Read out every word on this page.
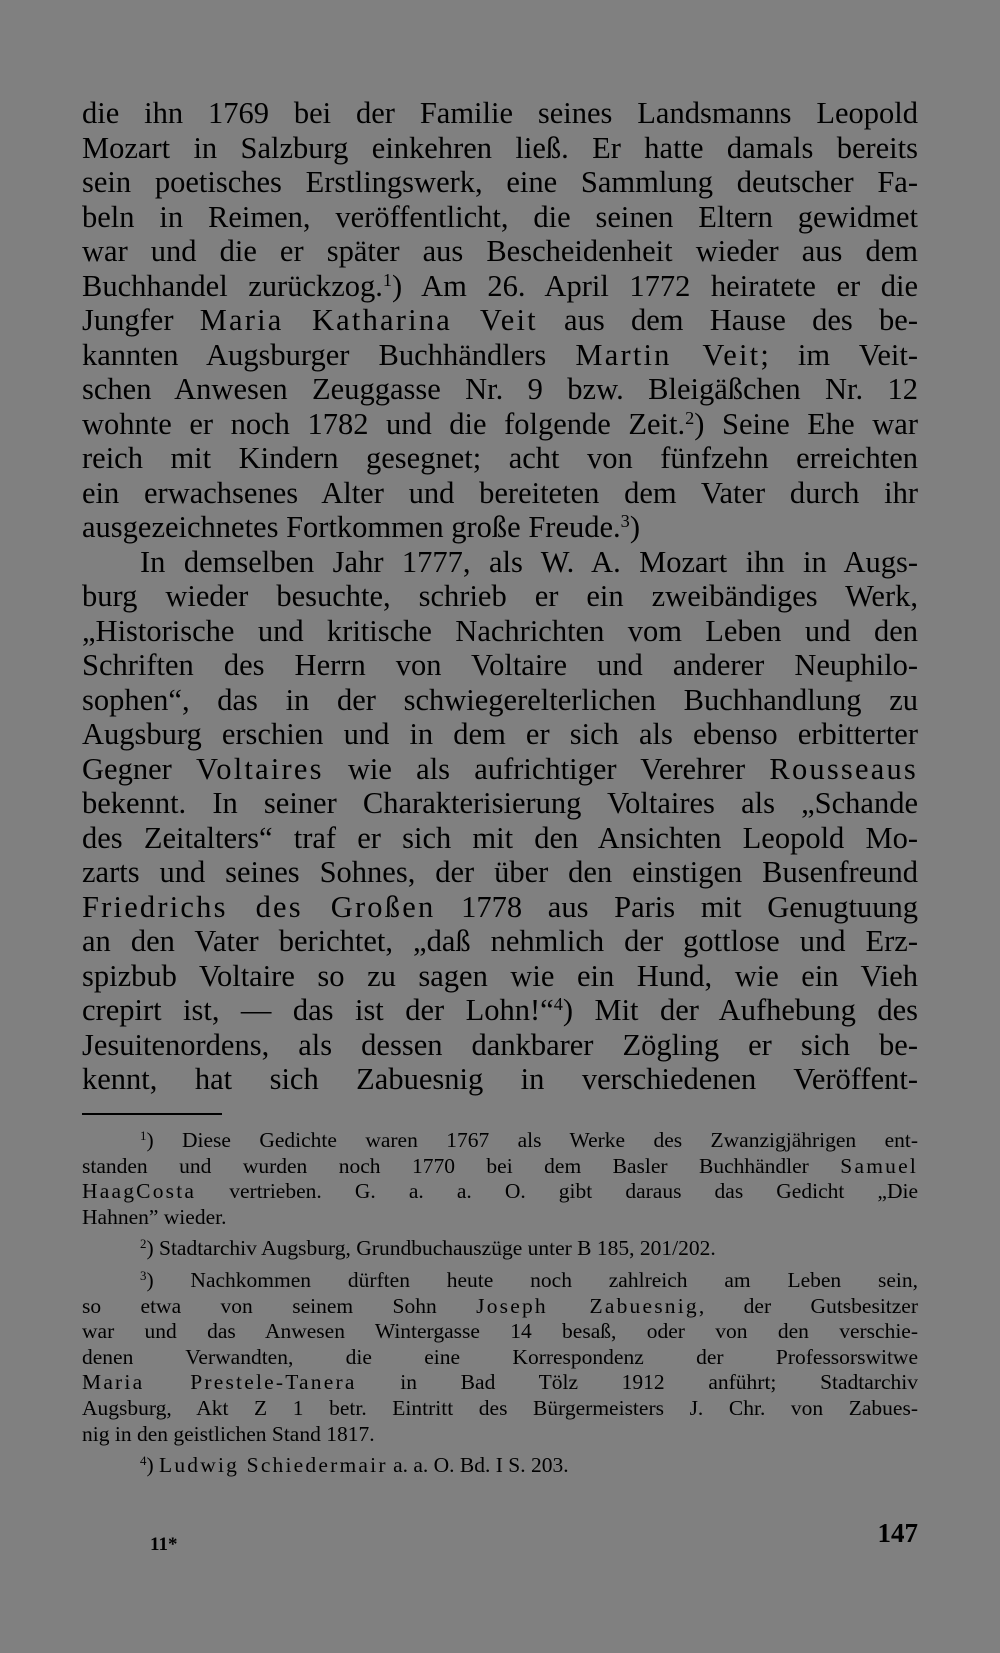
die ihn 1769 bei der Familie seines Landsmanns Leopold
Mozart in Salzburg einkehren ließ. Er hatte damals bereits
sein poetisches Erstlingswerk, eine Sammlung deutscher Fa-
beln in Reimen, veröffentlicht, die seinen Eltern gewidmet
war und die er später aus Bescheidenheit wieder aus dem
Buchhandel zurückzog.$^1$) Am 26. April 1772 heiratete er die
Jungfer Maria Katharina Veit aus dem Hause des be-
kannten Augsburger Buchhändlers Martin Veit; im Veit-
schen Anwesen Zeuggasse Nr. 9 bzw. Bleigäßchen Nr. 12
wohnte er noch 1782 und die folgende Zeit.$^2$) Seine Ehe war
reich mit Kindern gesegnet; acht von fünfzehn erreichten
ein erwachsenes Alter und bereiteten dem Vater durch ihr
ausgezeichnetes Fortkommen große Freude.$^3$)
In demselben Jahr 1777, als W. A. Mozart ihn in Augs-
burg wieder besuchte, schrieb er ein zweibändiges Werk,
„Historische und kritische Nachrichten vom Leben und den
Schriften des Herrn von Voltaire und anderer Neuphilo-
sophen“, das in der schwiegerelterlichen Buchhandlung zu
Augsburg erschien und in dem er sich als ebenso erbitterter
Gegner Voltaires wie als aufrichtiger Verehrer Rousseaus
bekennt. In seiner Charakterisierung Voltaires als „Schande
des Zeitalters“ traf er sich mit den Ansichten Leopold Mo-
zarts und seines Sohnes, der über den einstigen Busenfreund
Friedrichs des Großen 1778 aus Paris mit Genugtuung
an den Vater berichtet, „daß nehmlich der gottlose und Erz-
spizbub Voltaire so zu sagen wie ein Hund, wie ein Vieh
crepirt ist, — das ist der Lohn!“$^4$) Mit der Aufhebung des
Jesuitenordens, als dessen dankbarer Zögling er sich be-
kennt, hat sich Zabuesnig in verschiedenen Veröffent-
$^1$) Diese Gedichte waren 1767 als Werke des Zwanzigjährigen ent-
standen und wurden noch 1770 bei dem Basler Buchhändler Samuel
HaagCosta vertrieben. G. a. a. O. gibt daraus das Gedicht „Die
Hahnen” wieder.
$^2$) Stadtarchiv Augsburg, Grundbuchauszüge unter B 185, 201/202.
$^3$) Nachkommen dürften heute noch zahlreich am Leben sein,
so etwa von seinem Sohn Joseph Zabuesnig, der Gutsbesitzer
war und das Anwesen Wintergasse 14 besaß, oder von den verschie-
denen Verwandten, die eine Korrespondenz der Professorswitwe
Maria Prestele-Tanera in Bad Tölz 1912 anführt; Stadtarchiv
Augsburg, Akt Z 1 betr. Eintritt des Bürgermeisters J. Chr. von Zabues-
nig in den geistlichen Stand 1817.
$^4$) Ludwig Schiedermair a. a. O. Bd. I S. 203.
11*	147
